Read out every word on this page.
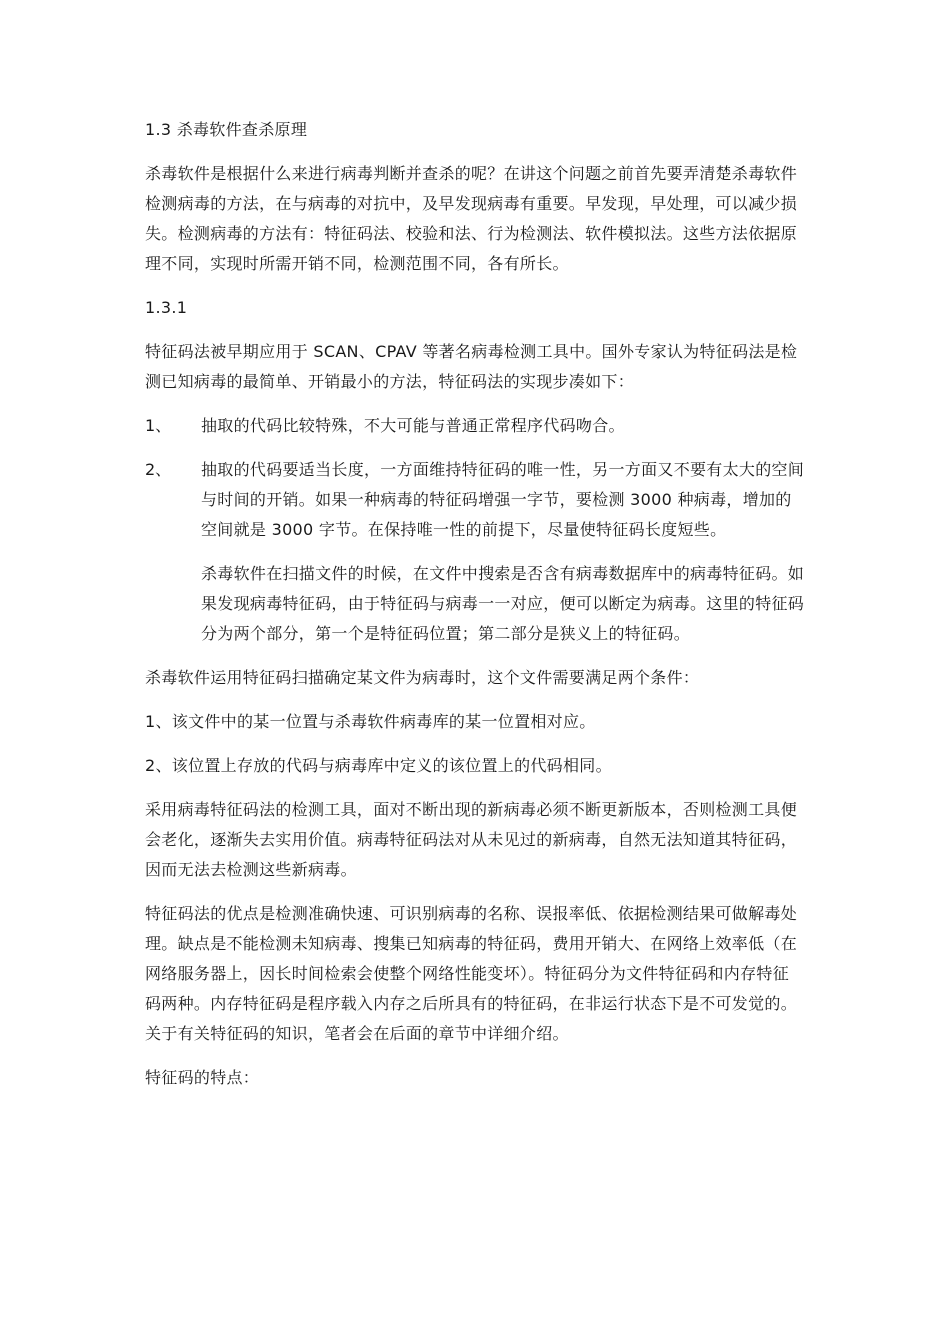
1.3 杀毒软件查杀原理

杀毒软件是根据什么来进行病毒判断并查杀的呢？在讲这个问题之前首先要弄清楚杀毒软件检测病毒的方法，在与病毒的对抗中，及早发现病毒有重要。早发现，早处理，可以减少损失。检测病毒的方法有：特征码法、校验和法、行为检测法、软件模拟法。这些方法依据原理不同，实现时所需开销不同，检测范围不同，各有所长。

1.3.1

特征码法被早期应用于 SCAN、CPAV 等著名病毒检测工具中。国外专家认为特征码法是检测已知病毒的最简单、开销最小的方法，特征码法的实现步凑如下：

1、	抽取的代码比较特殊，不大可能与普通正常程序代码吻合。
2、	抽取的代码要适当长度，一方面维持特征码的唯一性，另一方面又不要有太大的空间与时间的开销。如果一种病毒的特征码增强一字节，要检测 3000 种病毒，增加的空间就是 3000 字节。在保持唯一性的前提下，尽量使特征码长度短些。

杀毒软件在扫描文件的时候，在文件中搜索是否含有病毒数据库中的病毒特征码。如果发现病毒特征码，由于特征码与病毒一一对应，便可以断定为病毒。这里的特征码分为两个部分，第一个是特征码位置；第二部分是狭义上的特征码。

杀毒软件运用特征码扫描确定某文件为病毒时，这个文件需要满足两个条件：

1、该文件中的某一位置与杀毒软件病毒库的某一位置相对应。

2、该位置上存放的代码与病毒库中定义的该位置上的代码相同。

采用病毒特征码法的检测工具，面对不断出现的新病毒必须不断更新版本，否则检测工具便会老化，逐渐失去实用价值。病毒特征码法对从未见过的新病毒，自然无法知道其特征码，因而无法去检测这些新病毒。

特征码法的优点是检测准确快速、可识别病毒的名称、误报率低、依据检测结果可做解毒处理。缺点是不能检测未知病毒、搜集已知病毒的特征码，费用开销大、在网络上效率低（在网络服务器上，因长时间检索会使整个网络性能变坏）。特征码分为文件特征码和内存特征码两种。内存特征码是程序载入内存之后所具有的特征码，在非运行状态下是不可发觉的。关于有关特征码的知识，笔者会在后面的章节中详细介绍。

特征码的特点：
